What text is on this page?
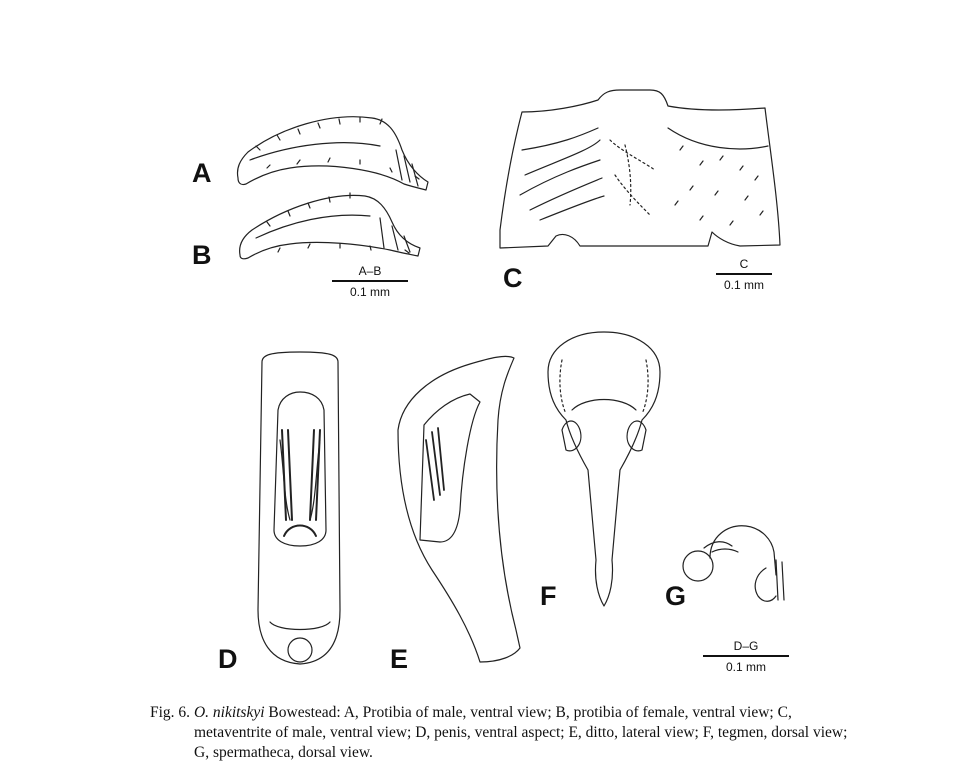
A
B
C
D	E
F	G
A–B
0.1 mm
C
0.1 mm
D–G
0.1 mm

Fig. 6. O. nikitskyi Bowestead: A, Protibia of male, ventral view; B, protibia of female, ventral view; C, metaventrite of male, ventral view; D, penis, ventral aspect; E, ditto, lateral view; F, tegmen, dorsal view; G, spermatheca, dorsal view.
